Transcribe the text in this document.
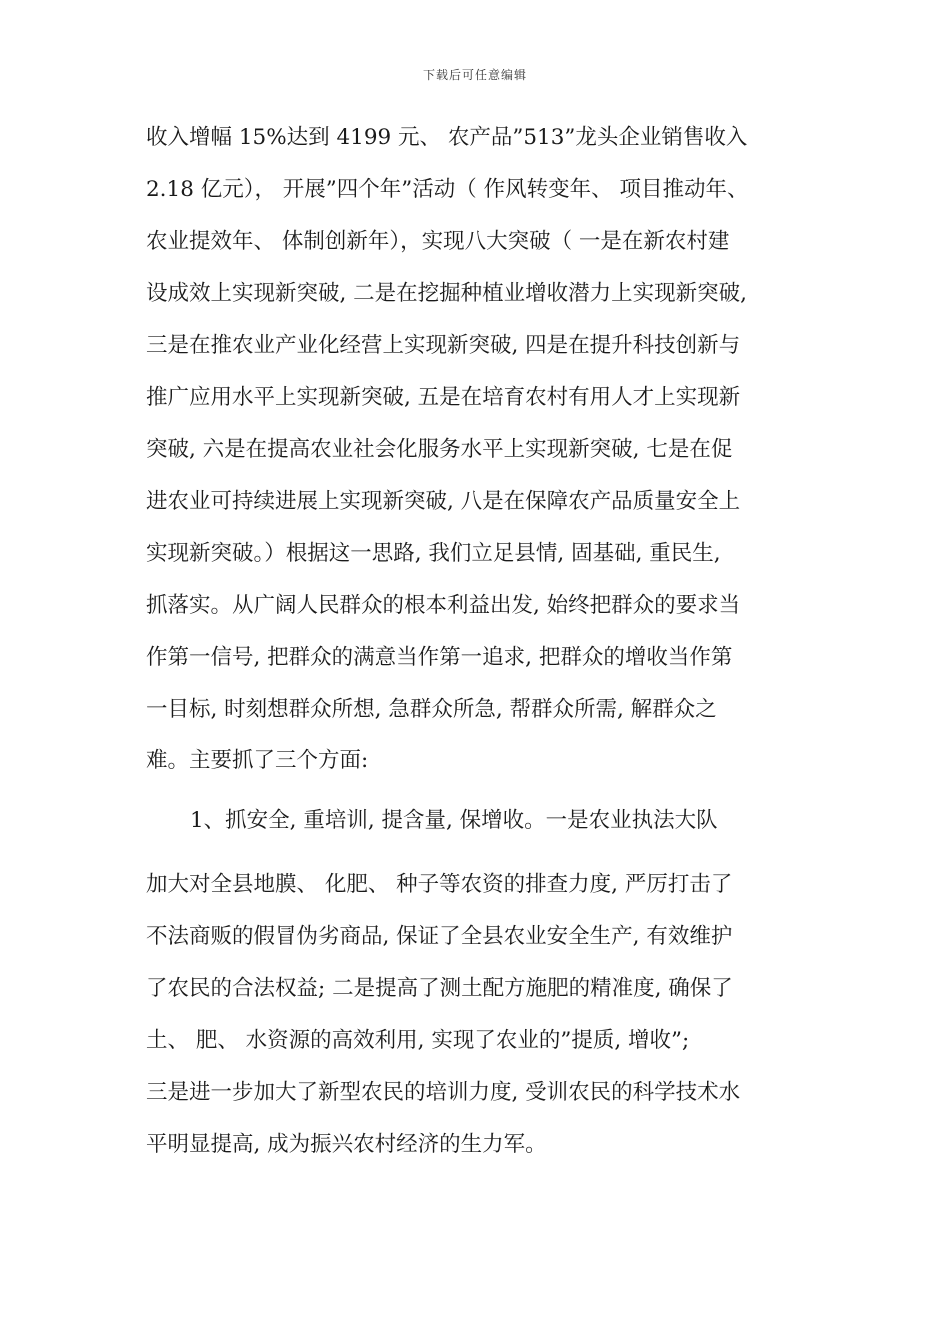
下载后可任意编辑
收入增幅 15%达到 4199 元、 农产品”513”龙头企业销售收入
2.18 亿元）， 开展”四个年”活动（ 作风转变年、 项目推动年、
农业提效年、 体制创新年），实现八大突破（ 一是在新农村建
设成效上实现新突破, 二是在挖掘种植业增收潜力上实现新突破,
三是在推农业产业化经营上实现新突破, 四是在提升科技创新与
推广应用水平上实现新突破, 五是在培育农村有用人才上实现新
突破, 六是在提高农业社会化服务水平上实现新突破, 七是在促
进农业可持续进展上实现新突破, 八是在保障农产品质量安全上
实现新突破。）根据这一思路, 我们立足县情, 固基础, 重民生,
抓落实。从广阔人民群众的根本利益出发, 始终把群众的要求当
作第一信号, 把群众的满意当作第一追求, 把群众的增收当作第
一目标, 时刻想群众所想, 急群众所急, 帮群众所需, 解群众之
难。主要抓了三个方面:
1、抓安全, 重培训, 提含量, 保增收。一是农业执法大队
加大对全县地膜、 化肥、 种子等农资的排查力度, 严厉打击了
不法商贩的假冒伪劣商品, 保证了全县农业安全生产, 有效维护
了农民的合法权益; 二是提高了测土配方施肥的精准度, 确保了
土、 肥、 水资源的高效利用, 实现了农业的”提质, 增收”;
三是进一步加大了新型农民的培训力度, 受训农民的科学技术水
平明显提高, 成为振兴农村经济的生力军。
